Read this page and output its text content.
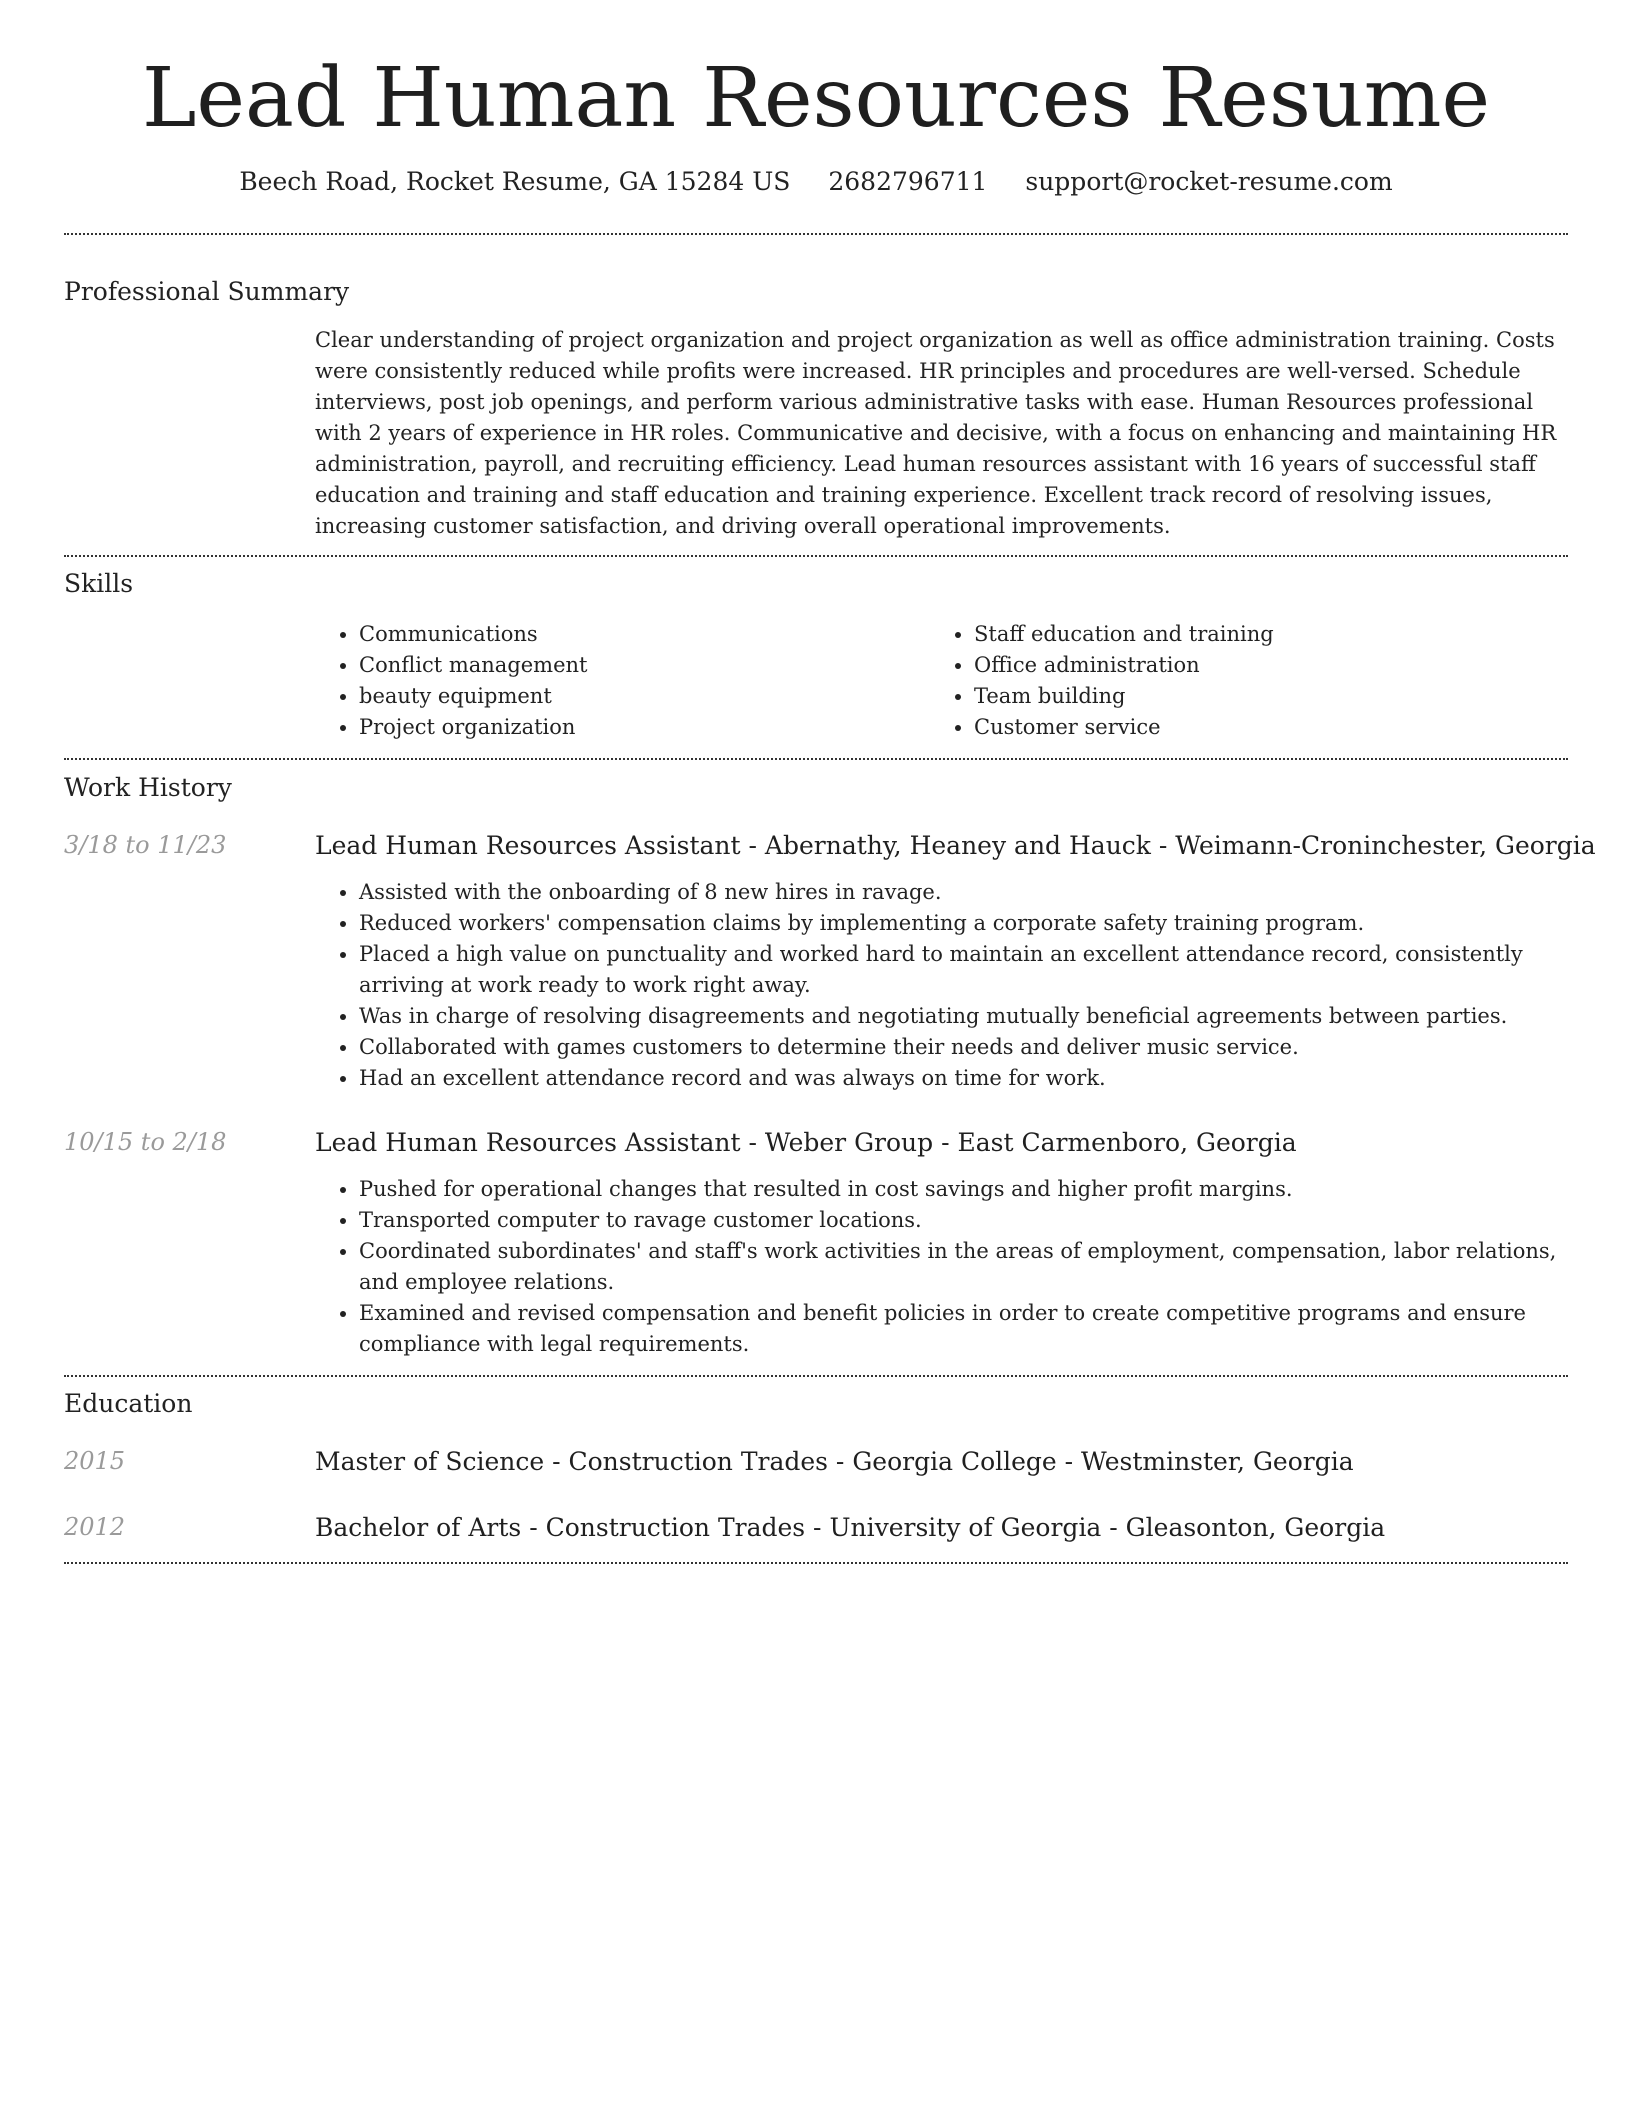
Lead Human Resources Resume
Beech Road, Rocket Resume, GA 15284 US 2682796711 support@rocket-resume.com
Professional Summary

Clear understanding of project organization and project organization as well as office administration training. Costs were consistently reduced while profits were increased. HR principles and procedures are well-versed. Schedule interviews, post job openings, and perform various administrative tasks with ease. Human Resources professional with 2 years of experience in HR roles. Communicative and decisive, with a focus on enhancing and maintaining HR administration, payroll, and recruiting efficiency. Lead human resources assistant with 16 years of successful staff education and training and staff education and training experience. Excellent track record of resolving issues, increasing customer satisfaction, and driving overall operational improvements.

Skills
• Communications
• Conflict management
• beauty equipment
• Project organization
• Staff education and training
• Office administration
• Team building
• Customer service
Work History
3/18 to 11/23	Lead Human Resources Assistant - Abernathy, Heaney and Hauck - Weimann-Croninchester, Georgia

• Assisted with the onboarding of 8 new hires in ravage.
• Reduced workers' compensation claims by implementing a corporate safety training program.
• Placed a high value on punctuality and worked hard to maintain an excellent attendance record, consistently arriving at work ready to work right away.
• Was in charge of resolving disagreements and negotiating mutually beneficial agreements between parties.
• Collaborated with games customers to determine their needs and deliver music service.
• Had an excellent attendance record and was always on time for work.
10/15 to 2/18	Lead Human Resources Assistant - Weber Group - East Carmenboro, Georgia

• Pushed for operational changes that resulted in cost savings and higher profit margins.
• Transported computer to ravage customer locations.
• Coordinated subordinates' and staff's work activities in the areas of employment, compensation, labor relations, and employee relations.
• Examined and revised compensation and benefit policies in order to create competitive programs and ensure compliance with legal requirements.
Education
2015	Master of Science - Construction Trades - Georgia College - Westminster, Georgia

2012	Bachelor of Arts - Construction Trades - University of Georgia - Gleasonton, Georgia
